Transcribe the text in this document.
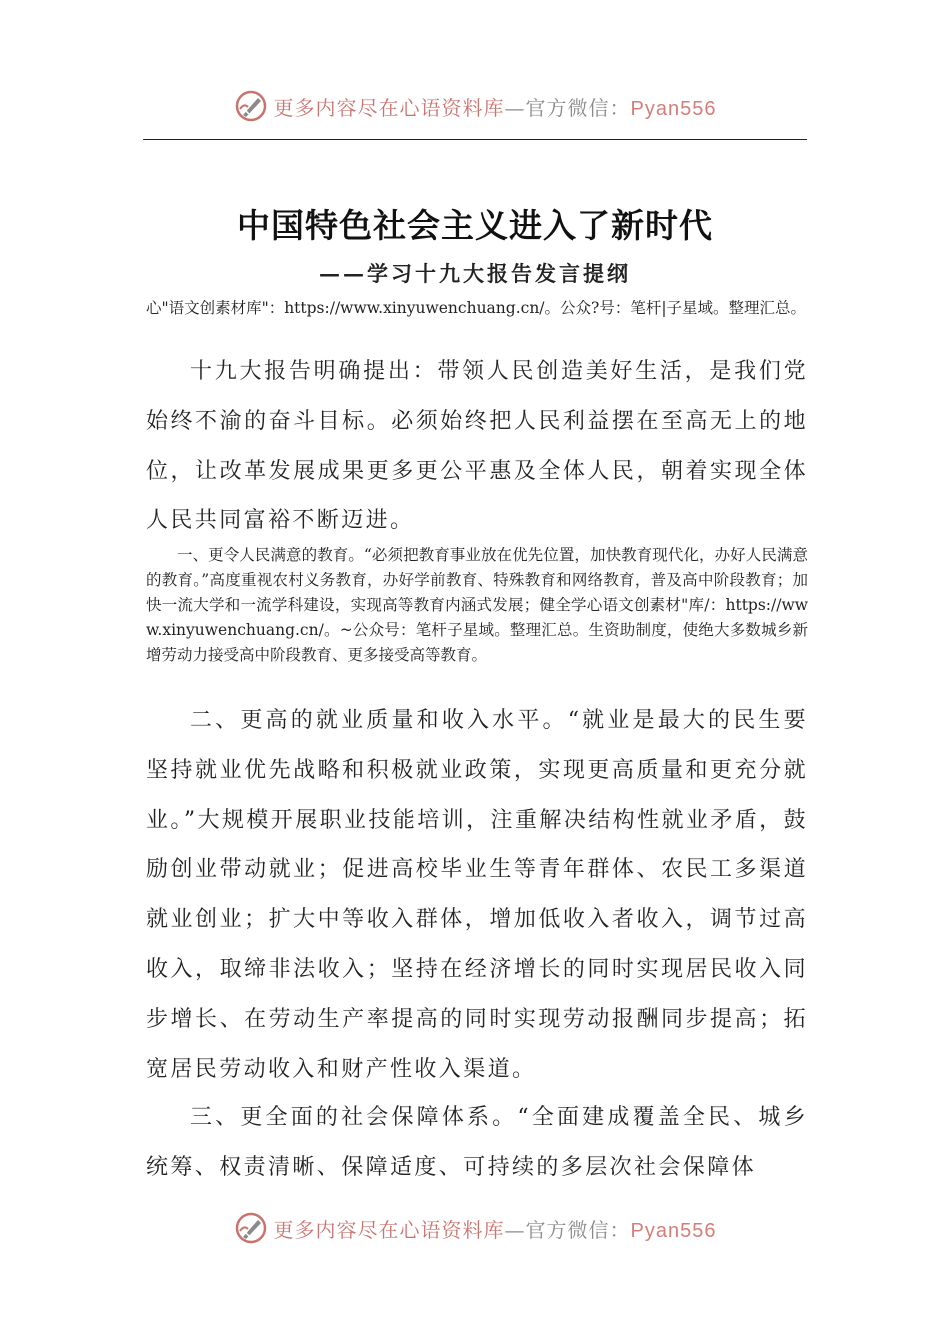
更多内容尽在心语资料库—官方微信：Pyan556
中国特色社会主义进入了新时代
——学习十九大报告发言提纲
心"语文创素材库"：https://www.xinyuwenchuang.cn/。公众?号：笔杆|子星域。整理汇总。

十九大报告明确提出：带领人民创造美好生活，是我们党始终不渝的奋斗目标。必须始终把人民利益摆在至高无上的地位，让改革发展成果更多更公平惠及全体人民，朝着实现全体人民共同富裕不断迈进。

一、更令人民满意的教育。“必须把教育事业放在优先位置，加快教育现代化，办好人民满意的教育。”高度重视农村义务教育，办好学前教育、特殊教育和网络教育，普及高中阶段教育；加快一流大学和一流学科建设，实现高等教育内涵式发展；健全学心语文创素材"库/：https://www.xinyuwenchuang.cn/。~公众号：笔杆子星域。整理汇总。生资助制度，使绝大多数城乡新增劳动力接受高中阶段教育、更多接受高等教育。

二、更高的就业质量和收入水平。“就业是最大的民生要坚持就业优先战略和积极就业政策，实现更高质量和更充分就业。”大规模开展职业技能培训，注重解决结构性就业矛盾，鼓励创业带动就业；促进高校毕业生等青年群体、农民工多渠道就业创业；扩大中等收入群体，增加低收入者收入，调节过高收入，取缔非法收入；坚持在经济增长的同时实现居民收入同步增长、在劳动生产率提高的同时实现劳动报酬同步提高；拓宽居民劳动收入和财产性收入渠道。

三、更全面的社会保障体系。“全面建成覆盖全民、城乡统筹、权责清晰、保障适度、可持续的多层次社会保障体

更多内容尽在心语资料库—官方微信：Pyan556
